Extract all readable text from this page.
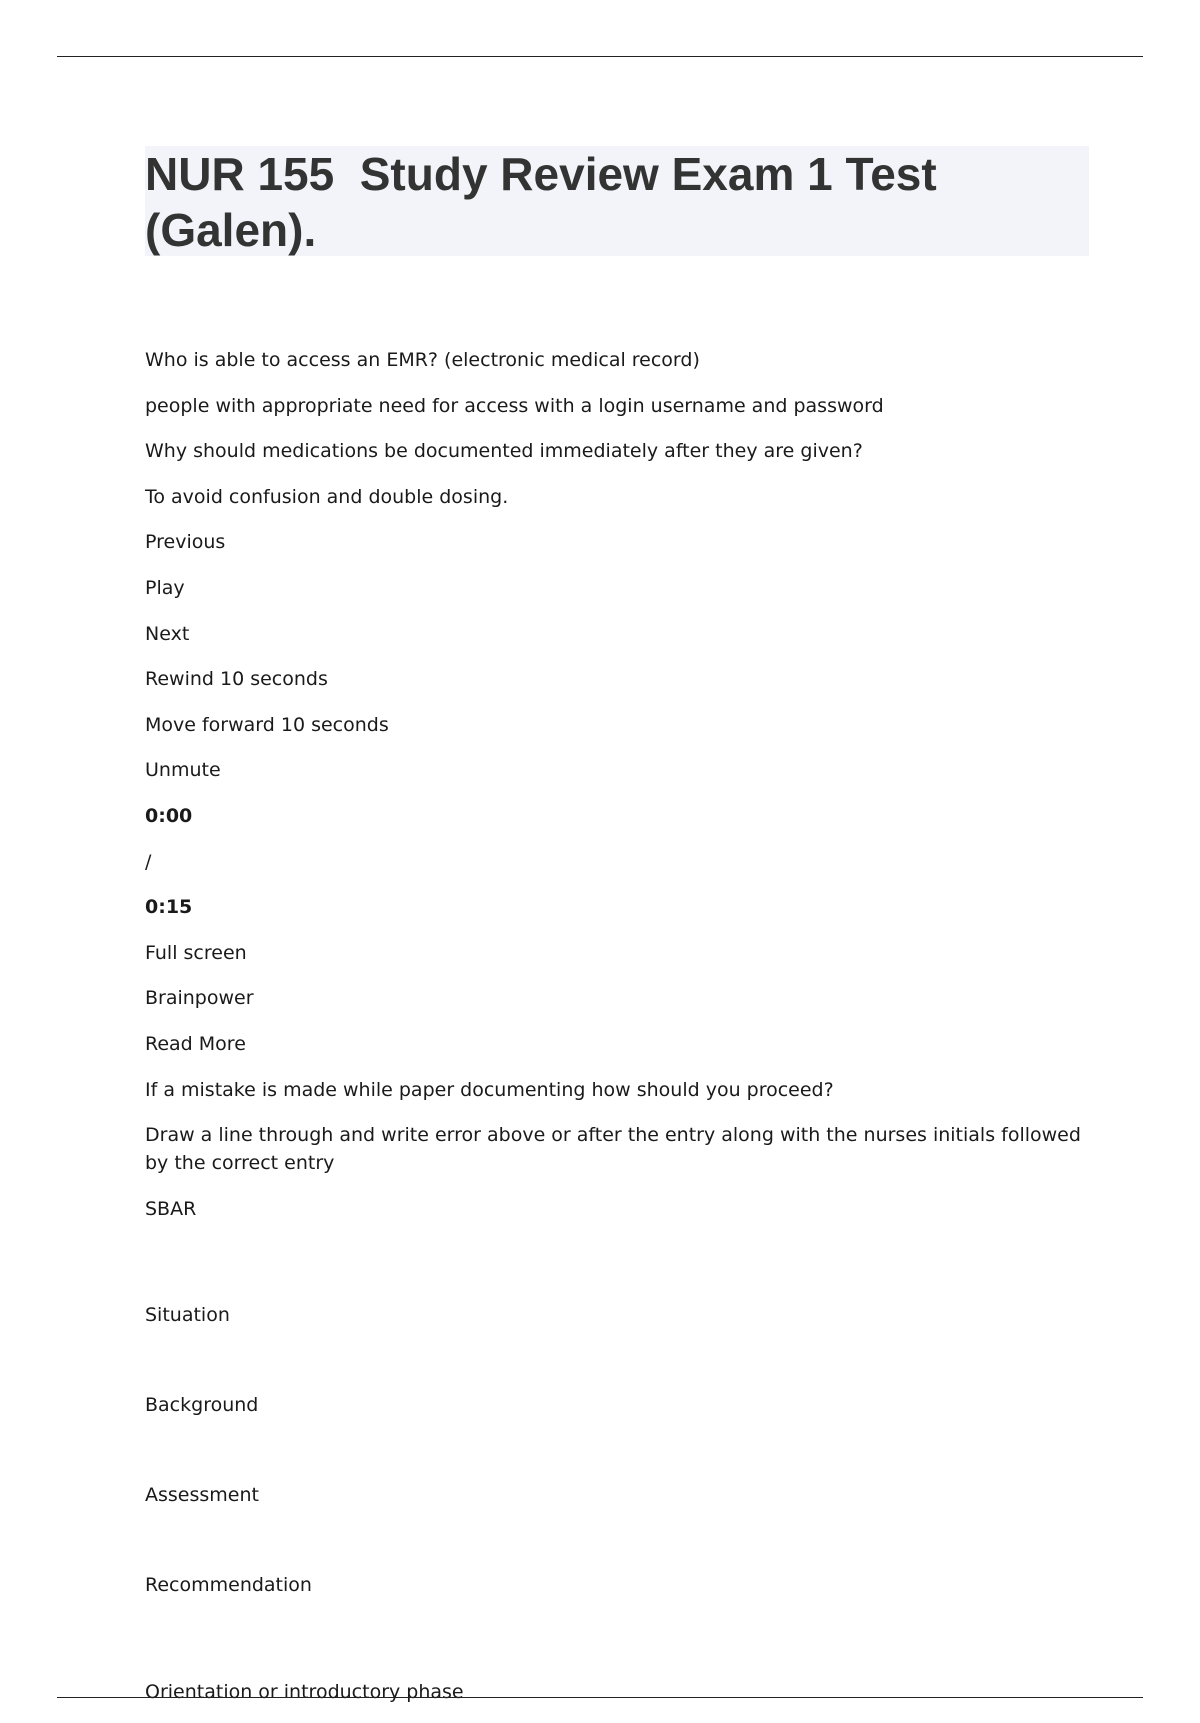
NUR 155  Study Review Exam 1 Test (Galen).

Who is able to access an EMR? (electronic medical record)

people with appropriate need for access with a login username and password

Why should medications be documented immediately after they are given?

To avoid confusion and double dosing.

Previous

Play

Next

Rewind 10 seconds

Move forward 10 seconds

Unmute

0:00

/

0:15

Full screen

Brainpower

Read More

If a mistake is made while paper documenting how should you proceed?

Draw a line through and write error above or after the entry along with the nurses initials followed by the correct entry

SBAR

Situation

Background

Assessment

Recommendation

Orientation or introductory phase
